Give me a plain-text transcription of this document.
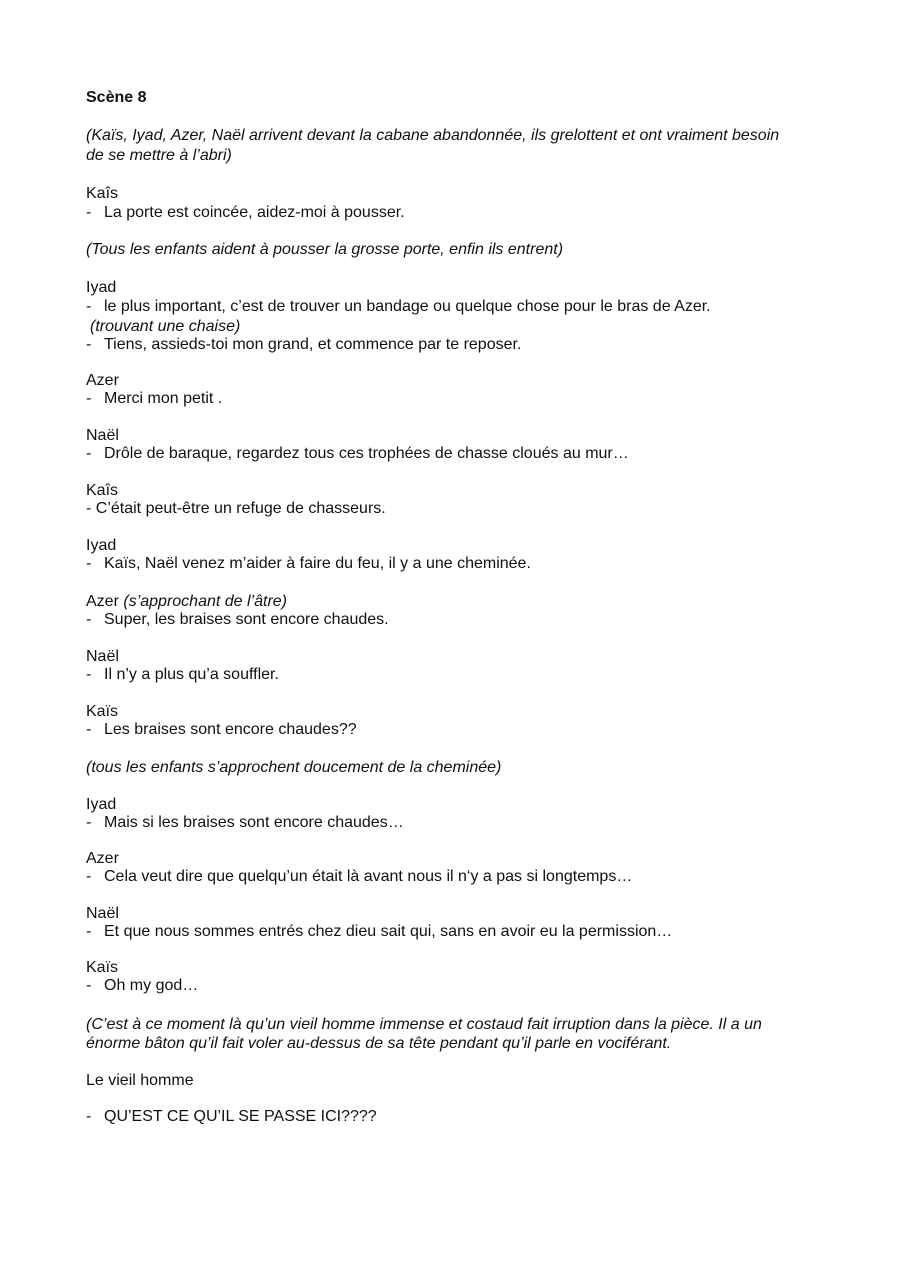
Scène 8
(Kaïs, Iyad, Azer, Naël arrivent devant la cabane abandonnée, ils grelottent et ont vraiment besoin
de se mettre à l’abri)
Kaîs
- La porte est coincée, aidez-moi à pousser.
(Tous les enfants aident à pousser la grosse porte, enfin ils entrent)
Iyad
- le plus important, c’est de trouver un bandage ou quelque chose pour le bras de Azer.
(trouvant une chaise)
- Tiens, assieds-toi mon grand, et commence par te reposer.
Azer
- Merci mon petit .
Naël
- Drôle de baraque, regardez tous ces trophées de chasse cloués au mur…
Kaîs
- C’était peut-être un refuge de chasseurs.
Iyad
- Kaïs, Naël venez m’aider à faire du feu, il y a une cheminée.
Azer (s’approchant de l’âtre)
- Super, les braises sont encore chaudes.
Naël
- Il n’y a plus qu’a souffler.
Kaïs
- Les braises sont encore chaudes??
(tous les enfants s’approchent doucement de la cheminée)
Iyad
- Mais si les braises sont encore chaudes…
Azer
- Cela veut dire que quelqu’un était là avant nous il n‘y a pas si longtemps…
Naël
- Et que nous sommes entrés chez dieu sait qui, sans en avoir eu la permission…
Kaïs
- Oh my god…
(C’est à ce moment là qu’un vieil homme immense et costaud fait irruption dans la pièce. Il a un
énorme bâton qu’il fait voler au-dessus de sa tête pendant qu’il parle en vociférant.
Le vieil homme
- QU’EST CE QU’IL SE PASSE ICI????
